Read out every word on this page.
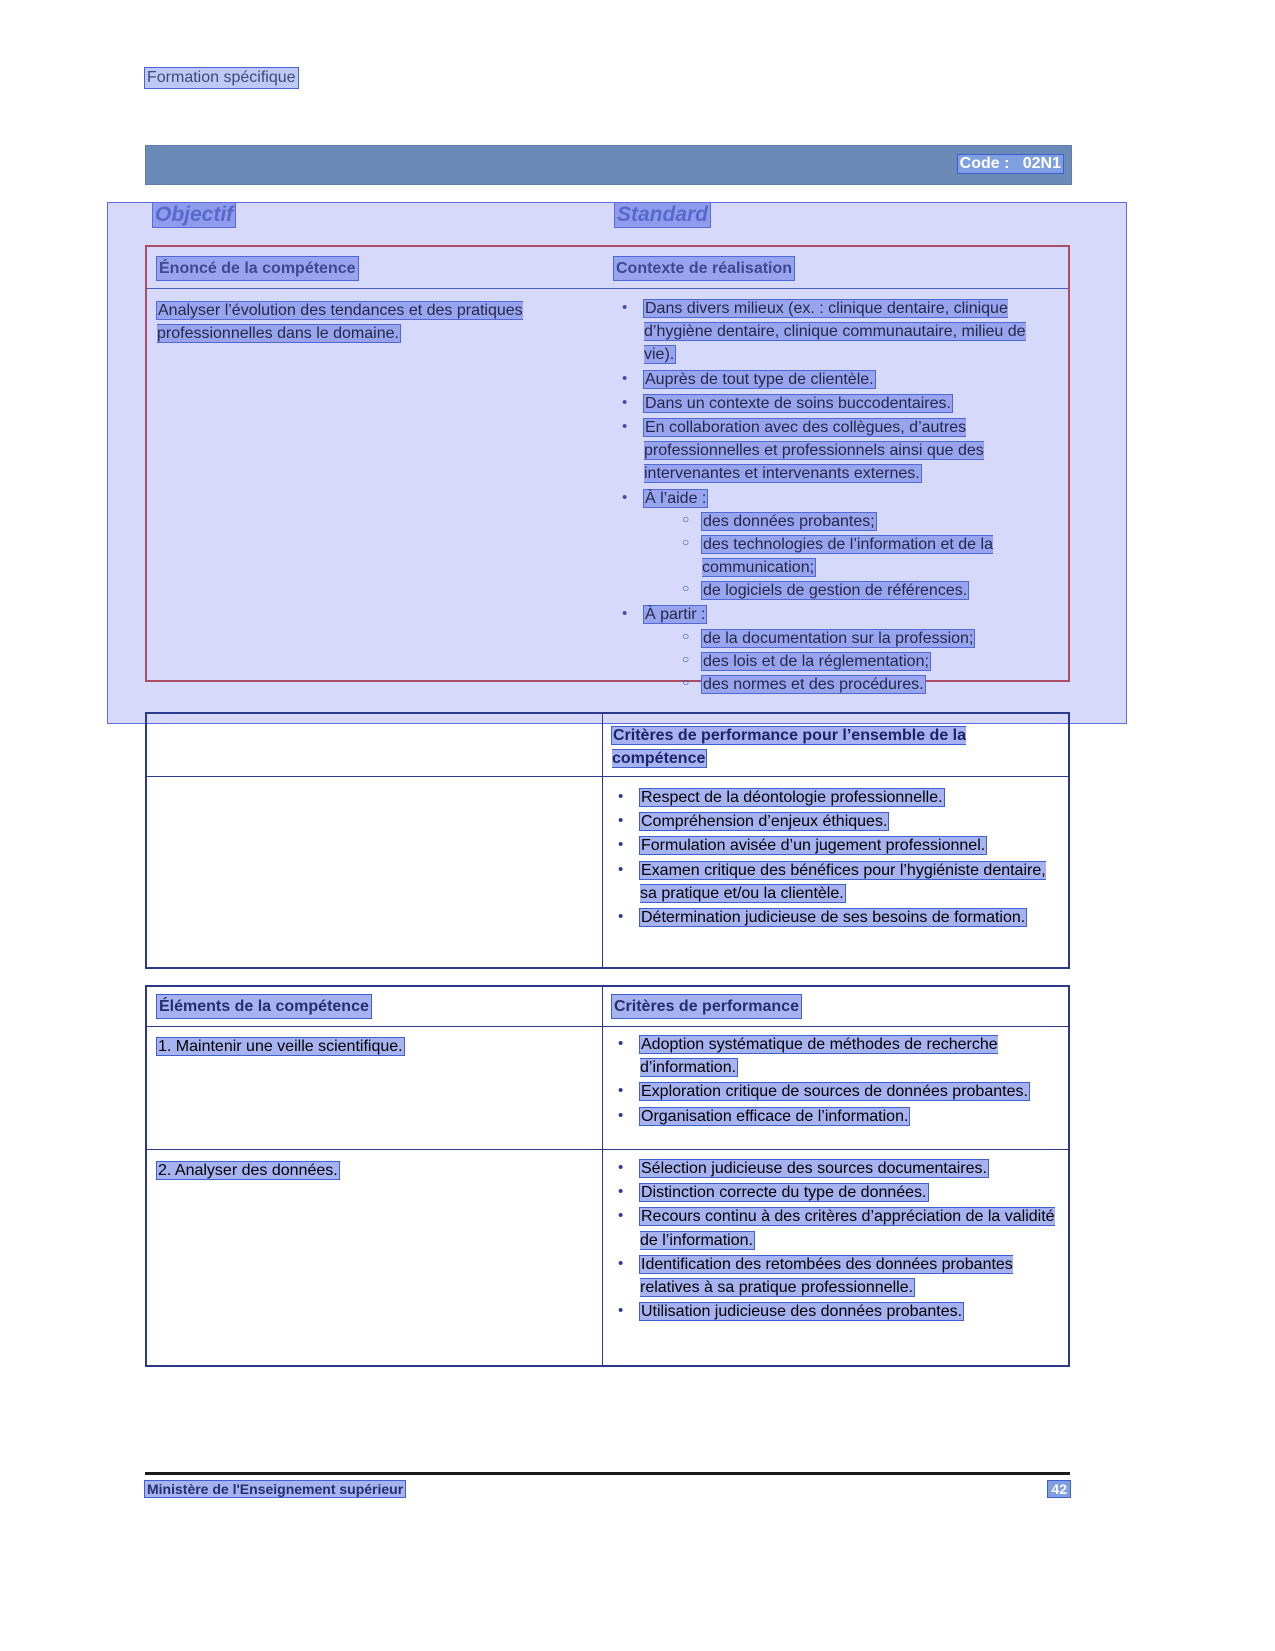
Formation spécifique
Code :   02N1
Objectif	Standard
Énoncé de la compétence	Contexte de réalisation
Analyser l’évolution des tendances et des pratiques professionnelles dans le domaine.
• Dans divers milieux (ex. : clinique dentaire, clinique d’hygiène dentaire, clinique communautaire, milieu de vie).
• Auprès de tout type de clientèle.
• Dans un contexte de soins buccodentaires.
• En collaboration avec des collègues, d’autres professionnelles et professionnels ainsi que des intervenantes et intervenants externes.
• À l’aide :
○ des données probantes;
○ des technologies de l’information et de la communication;
○ de logiciels de gestion de références.
• À partir :
○ de la documentation sur la profession;
○ des lois et de la réglementation;
○ des normes et des procédures.
Critères de performance pour l’ensemble de la compétence
• Respect de la déontologie professionnelle.
• Compréhension d’enjeux éthiques.
• Formulation avisée d’un jugement professionnel.
• Examen critique des bénéfices pour l’hygiéniste dentaire, sa pratique et/ou la clientèle.
• Détermination judicieuse de ses besoins de formation.
Éléments de la compétence	Critères de performance
1. Maintenir une veille scientifique.	• Adoption systématique de méthodes de recherche d’information.
• Exploration critique de sources de données probantes.
• Organisation efficace de l’information.
2. Analyser des données.	• Sélection judicieuse des sources documentaires.
• Distinction correcte du type de données.
• Recours continu à des critères d’appréciation de la validité de l’information.
• Identification des retombées des données probantes relatives à sa pratique professionnelle.
• Utilisation judicieuse des données probantes.
Ministère de l'Enseignement supérieur	42
